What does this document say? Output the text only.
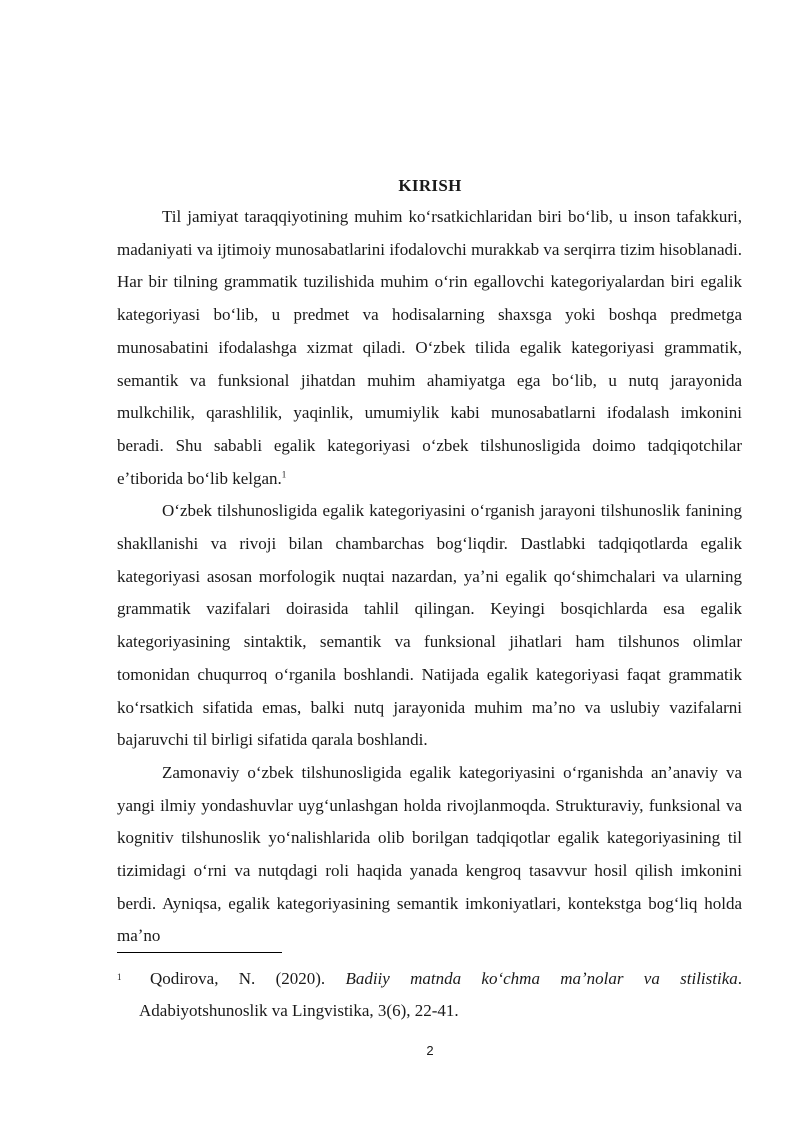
KIRISH

Til jamiyat taraqqiyotining muhim koʻrsatkichlaridan biri boʻlib, u inson tafakkuri, madaniyati va ijtimoiy munosabatlarini ifodalovchi murakkab va serqirra tizim hisoblanadi. Har bir tilning grammatik tuzilishida muhim oʻrin egallovchi kategoriyalardan biri egalik kategoriyasi boʻlib, u predmet va hodisalarning shaxsga yoki boshqa predmetga munosabatini ifodalashga xizmat qiladi. Oʻzbek tilida egalik kategoriyasi grammatik, semantik va funksional jihatdan muhim ahamiyatga ega boʻlib, u nutq jarayonida mulkchilik, qarashlilik, yaqinlik, umumiylik kabi munosabatlarni ifodalash imkonini beradi. Shu sababli egalik kategoriyasi oʻzbek tilshunosligida doimo tadqiqotchilar eʼtiborida boʻlib kelgan.$^1$

Oʻzbek tilshunosligida egalik kategoriyasini oʻrganish jarayoni tilshunoslik fanining shakllanishi va rivoji bilan chambarchas bogʻliqdir. Dastlabki tadqiqotlarda egalik kategoriyasi asosan morfologik nuqtai nazardan, yaʼni egalik qoʻshimchalari va ularning grammatik vazifalari doirasida tahlil qilingan. Keyingi bosqichlarda esa egalik kategoriyasining sintaktik, semantik va funksional jihatlari ham tilshunos olimlar tomonidan chuqurroq oʻrganila boshlandi. Natijada egalik kategoriyasi faqat grammatik koʻrsatkich sifatida emas, balki nutq jarayonida muhim maʼno va uslubiy vazifalarni bajaruvchi til birligi sifatida qarala boshlandi.

Zamonaviy oʻzbek tilshunosligida egalik kategoriyasini oʻrganishda anʼanaviy va yangi ilmiy yondashuvlar uygʻunlashgan holda rivojlanmoqda. Strukturaviy, funksional va kognitiv tilshunoslik yoʻnalishlarida olib borilgan tadqiqotlar egalik kategoriyasining til tizimidagi oʻrni va nutqdagi roli haqida yanada kengroq tasavvur hosil qilish imkonini berdi. Ayniqsa, egalik kategoriyasining semantik imkoniyatlari, kontekstga bogʻliq holda maʼno

1	Qodirova, N. (2020). Badiiy matnda koʻchma maʼnolar va stilistika.
Adabiyotshunoslik va Lingvistika, 3(6), 22-41.
2
